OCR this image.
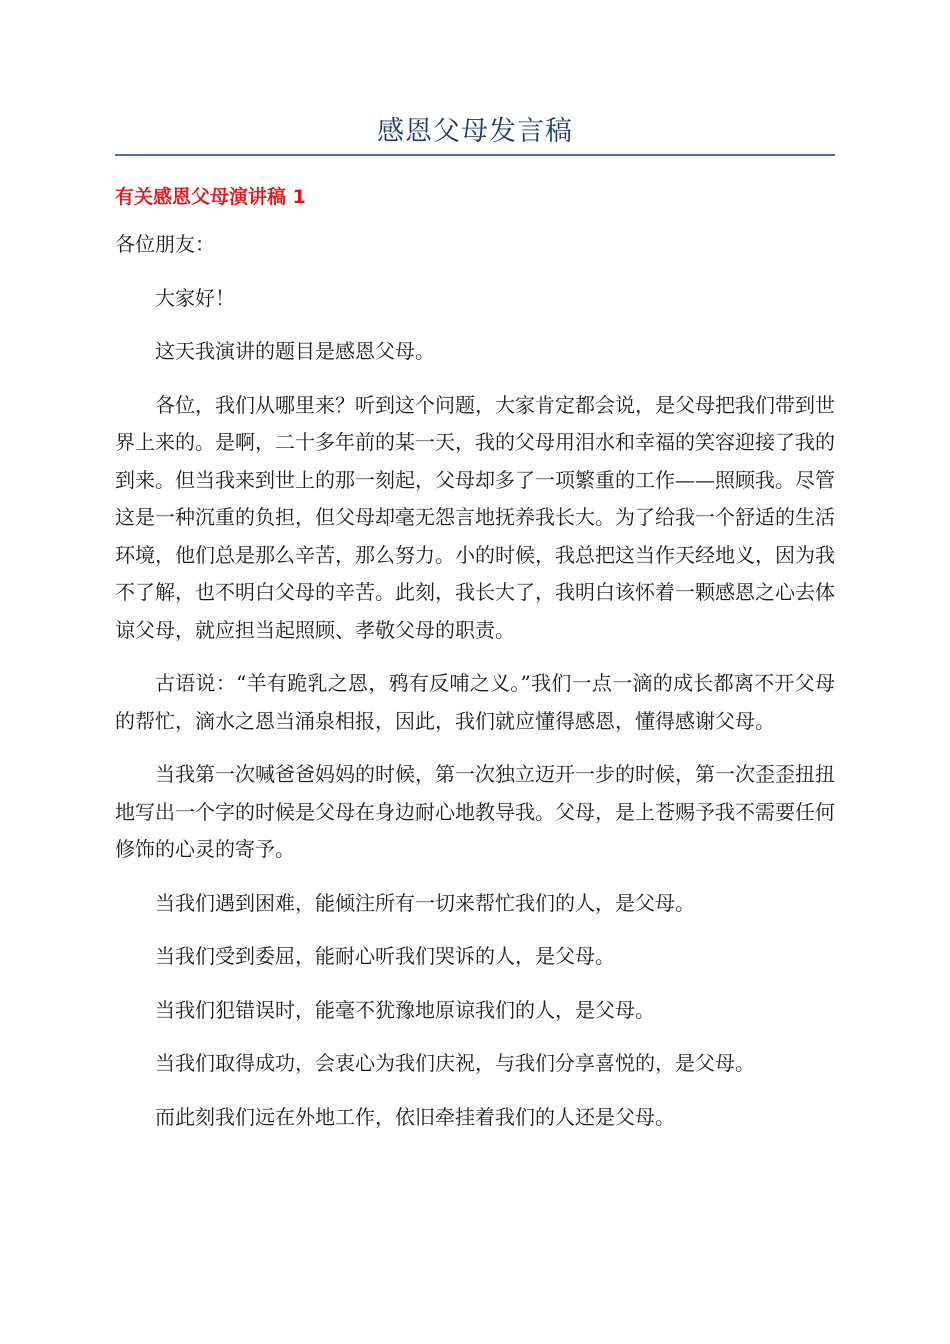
感恩父母发言稿
有关感恩父母演讲稿 1

各位朋友：

大家好！

这天我演讲的题目是感恩父母。

各位，我们从哪里来？听到这个问题，大家肯定都会说，是父母把我们带到世界上来的。是啊，二十多年前的某一天，我的父母用泪水和幸福的笑容迎接了我的到来。但当我来到世上的那一刻起，父母却多了一项繁重的工作——照顾我。尽管这是一种沉重的负担，但父母却毫无怨言地抚养我长大。为了给我一个舒适的生活环境，他们总是那么辛苦，那么努力。小的时候，我总把这当作天经地义，因为我不了解，也不明白父母的辛苦。此刻，我长大了，我明白该怀着一颗感恩之心去体谅父母，就应担当起照顾、孝敬父母的职责。

古语说：“羊有跪乳之恩，鸦有反哺之义。”我们一点一滴的成长都离不开父母的帮忙，滴水之恩当涌泉相报，因此，我们就应懂得感恩，懂得感谢父母。

当我第一次喊爸爸妈妈的时候，第一次独立迈开一步的时候，第一次歪歪扭扭地写出一个字的时候是父母在身边耐心地教导我。父母，是上苍赐予我不需要任何修饰的心灵的寄予。

当我们遇到困难，能倾注所有一切来帮忙我们的人，是父母。

当我们受到委屈，能耐心听我们哭诉的人，是父母。

当我们犯错误时，能毫不犹豫地原谅我们的人，是父母。

当我们取得成功，会衷心为我们庆祝，与我们分享喜悦的，是父母。

而此刻我们远在外地工作，依旧牵挂着我们的人还是父母。
